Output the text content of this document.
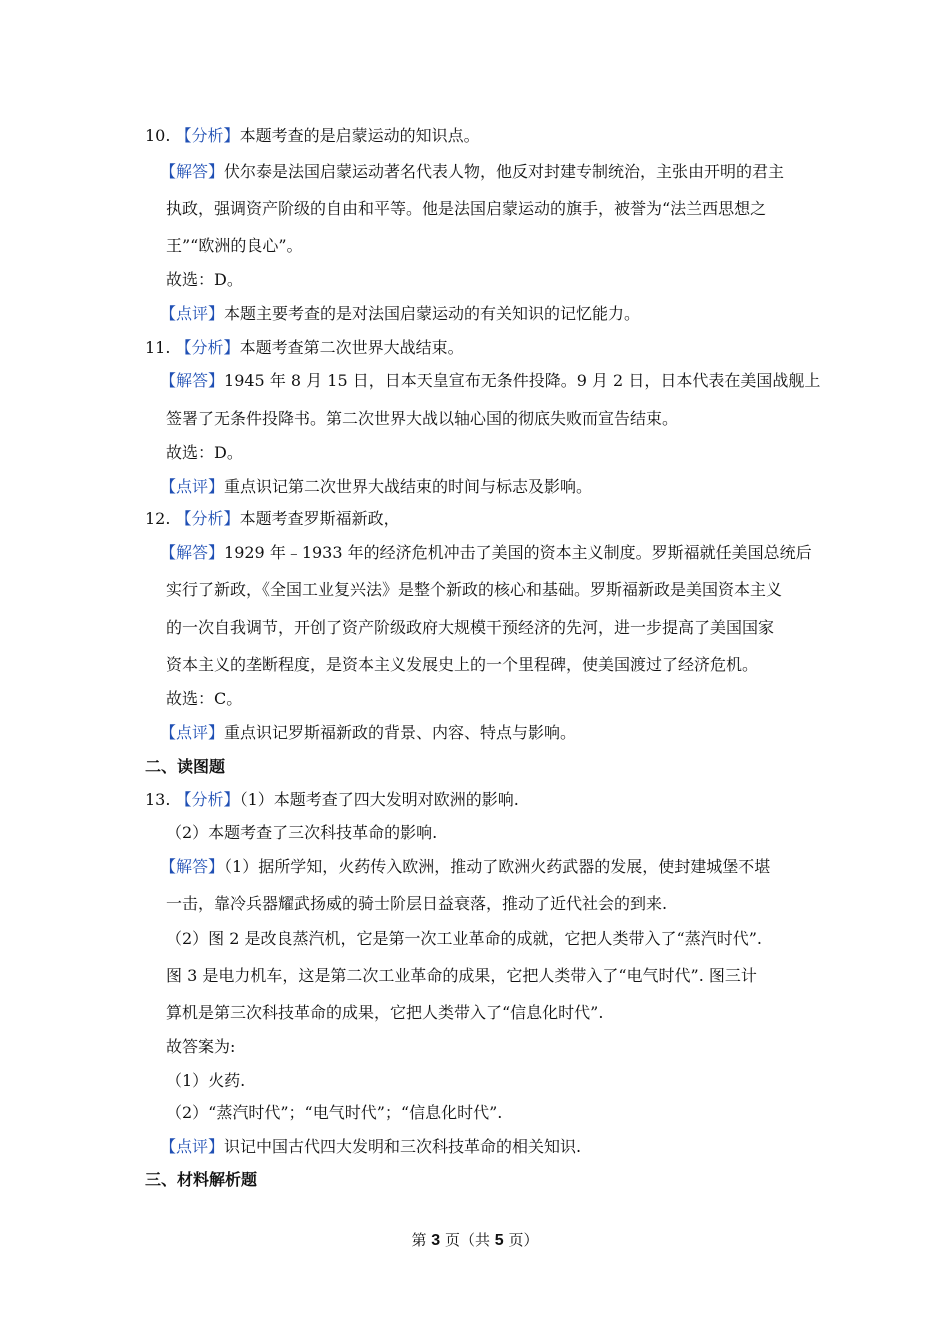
10. 【分析】本题考查的是启蒙运动的知识点。
【解答】伏尔泰是法国启蒙运动著名代表人物，他反对封建专制统治，主张由开明的君主
执政，强调资产阶级的自由和平等。他是法国启蒙运动的旗手，被誉为“法兰西思想之
王”“欧洲的良心”。
故选：D。
【点评】本题主要考查的是对法国启蒙运动的有关知识的记忆能力。
11. 【分析】本题考查第二次世界大战结束。
【解答】1945 年 8 月 15 日，日本天皇宣布无条件投降。9 月 2 日，日本代表在美国战舰上
签署了无条件投降书。第二次世界大战以轴心国的彻底失败而宣告结束。
故选：D。
【点评】重点识记第二次世界大战结束的时间与标志及影响。
12. 【分析】本题考查罗斯福新政，
【解答】1929 年﹣1933 年的经济危机冲击了美国的资本主义制度。罗斯福就任美国总统后
实行了新政，《全国工业复兴法》是整个新政的核心和基础。罗斯福新政是美国资本主义
的一次自我调节，开创了资产阶级政府大规模干预经济的先河，进一步提高了美国国家
资本主义的垄断程度，是资本主义发展史上的一个里程碑，使美国渡过了经济危机。
故选：C。
【点评】重点识记罗斯福新政的背景、内容、特点与影响。
二、读图题
13. 【分析】（1）本题考查了四大发明对欧洲的影响.
（2）本题考查了三次科技革命的影响.
【解答】（1）据所学知，火药传入欧洲，推动了欧洲火药武器的发展，使封建城堡不堪
一击，靠冷兵器耀武扬威的骑士阶层日益衰落，推动了近代社会的到来.
（2）图 2 是改良蒸汽机，它是第一次工业革命的成就，它把人类带入了“蒸汽时代”.
图 3 是电力机车，这是第二次工业革命的成果，它把人类带入了“电气时代”. 图三计
算机是第三次科技革命的成果，它把人类带入了“信息化时代”.
故答案为:
（1）火药.
（2）“蒸汽时代”；“电气时代”；“信息化时代”.
【点评】识记中国古代四大发明和三次科技革命的相关知识.
三、材料解析题
第 3 页（共 5 页）
